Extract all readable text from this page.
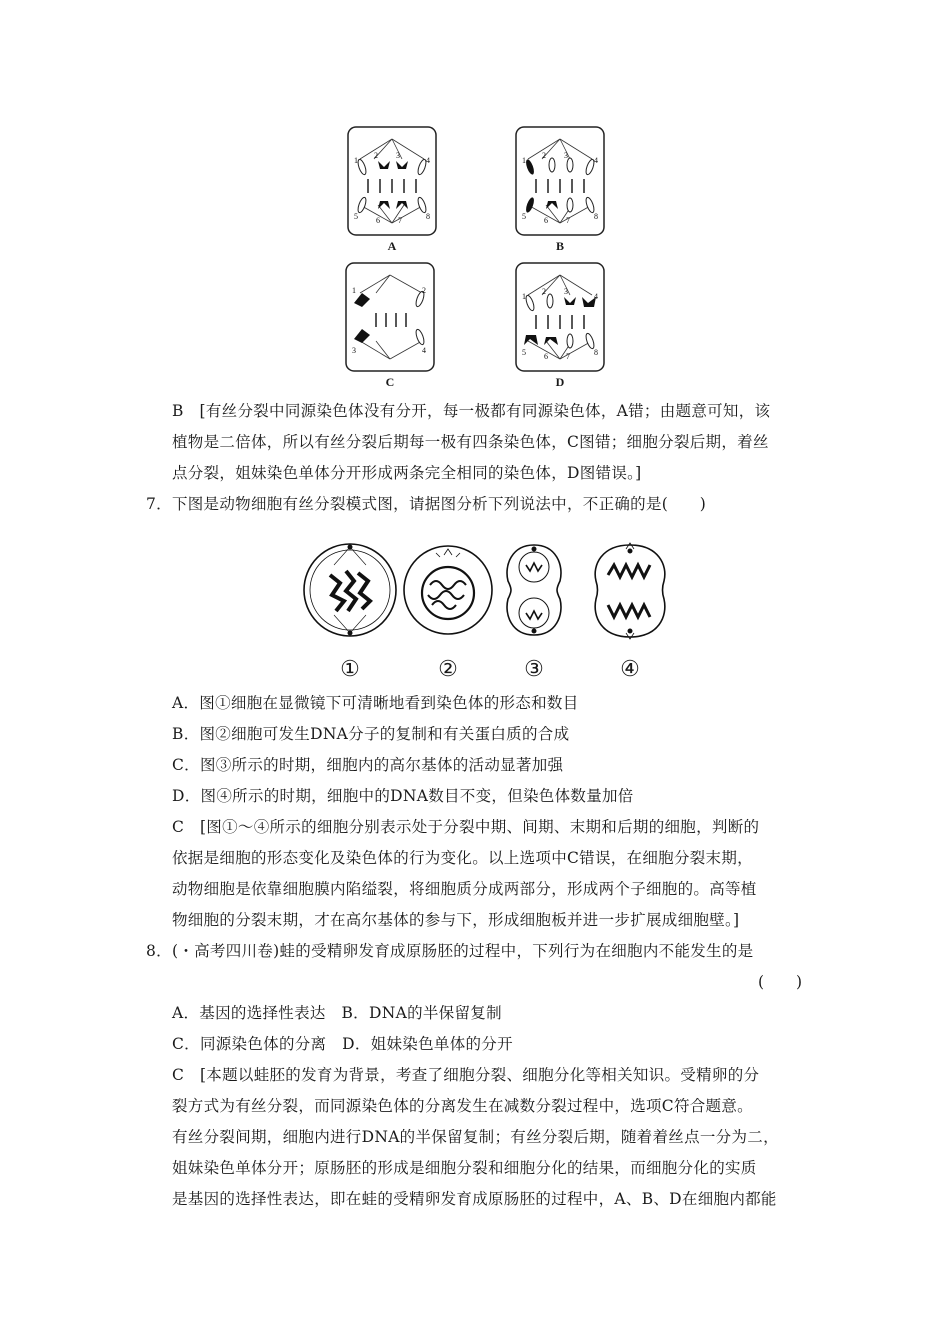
1
2 3
4
5 6 7	8
1
2 3
4
5 6 7	8
1	2
3	4
1
2 3
4
5 6 7	8
A	B
C	D
B　[有丝分裂中同源染色体没有分开，每一极都有同源染色体，A错；由题意可知，该
植物是二倍体，所以有丝分裂后期每一极有四条染色体，C图错；细胞分裂后期，着丝
点分裂，姐妹染色单体分开形成两条完全相同的染色体，D图错误。]
7．下图是动物细胞有丝分裂模式图，请据图分析下列说法中，不正确的是(　　)
①	②	③	④
A．图①细胞在显微镜下可清晰地看到染色体的形态和数目
B．图②细胞可发生DNA分子的复制和有关蛋白质的合成
C．图③所示的时期，细胞内的高尔基体的活动显著加强
D．图④所示的时期，细胞中的DNA数目不变，但染色体数量加倍
C　[图①～④所示的细胞分别表示处于分裂中期、间期、末期和后期的细胞，判断的
依据是细胞的形态变化及染色体的行为变化。以上选项中C错误，在细胞分裂末期，
动物细胞是依靠细胞膜内陷缢裂，将细胞质分成两部分，形成两个子细胞的。高等植
物细胞的分裂末期，才在高尔基体的参与下，形成细胞板并进一步扩展成细胞壁。]
8．(・高考四川卷)蛙的受精卵发育成原肠胚的过程中，下列行为在细胞内不能发生的是
(　　)
A．基因的选择性表达　B．DNA的半保留复制
C．同源染色体的分离　D．姐妹染色单体的分开
C　[本题以蛙胚的发育为背景，考查了细胞分裂、细胞分化等相关知识。受精卵的分
裂方式为有丝分裂，而同源染色体的分离发生在减数分裂过程中，选项C符合题意。
有丝分裂间期，细胞内进行DNA的半保留复制；有丝分裂后期，随着着丝点一分为二，
姐妹染色单体分开；原肠胚的形成是细胞分裂和细胞分化的结果，而细胞分化的实质
是基因的选择性表达，即在蛙的受精卵发育成原肠胚的过程中，A、B、D在细胞内都能
